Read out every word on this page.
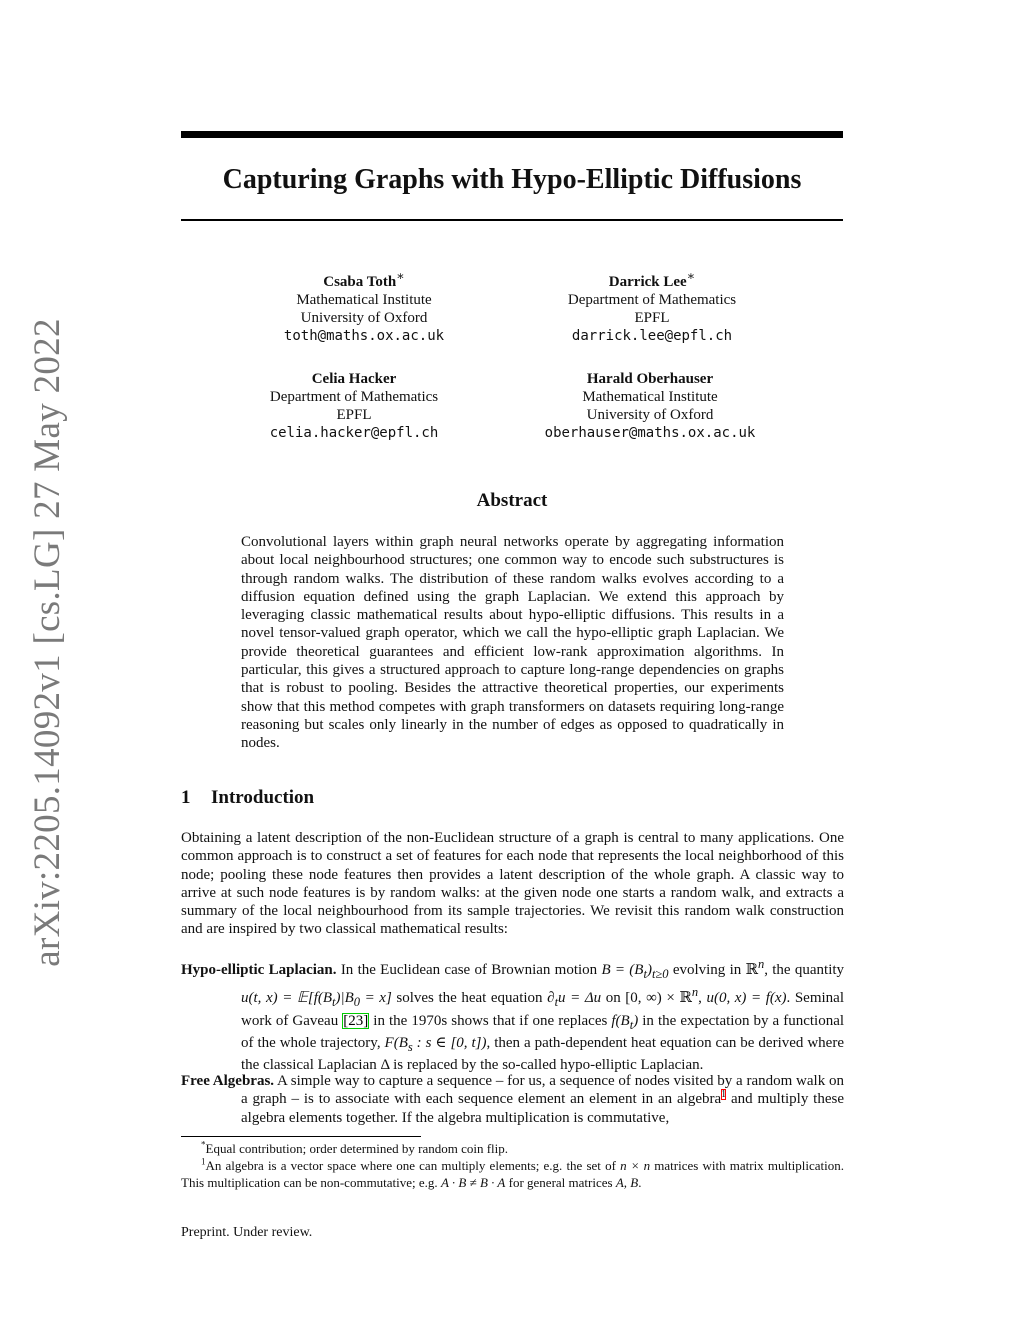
arXiv:2205.14092v1 [cs.LG] 27 May 2022
Capturing Graphs with Hypo-Elliptic Diffusions
Csaba Toth∗
Mathematical Institute
University of Oxford
toth@maths.ox.ac.uk
Darrick Lee∗
Department of Mathematics
EPFL
darrick.lee@epfl.ch
Celia Hacker
Department of Mathematics
EPFL
celia.hacker@epfl.ch
Harald Oberhauser
Mathematical Institute
University of Oxford
oberhauser@maths.ox.ac.uk
Abstract
Convolutional layers within graph neural networks operate by aggregating information about local neighbourhood structures; one common way to encode such substructures is through random walks. The distribution of these random walks evolves according to a diffusion equation defined using the graph Laplacian. We extend this approach by leveraging classic mathematical results about hypo-elliptic diffusions. This results in a novel tensor-valued graph operator, which we call the hypo-elliptic graph Laplacian. We provide theoretical guarantees and efficient low-rank approximation algorithms. In particular, this gives a structured approach to capture long-range dependencies on graphs that is robust to pooling. Besides the attractive theoretical properties, our experiments show that this method competes with graph transformers on datasets requiring long-range reasoning but scales only linearly in the number of edges as opposed to quadratically in nodes.
1 Introduction
Obtaining a latent description of the non-Euclidean structure of a graph is central to many applications. One common approach is to construct a set of features for each node that represents the local neighborhood of this node; pooling these node features then provides a latent description of the whole graph. A classic way to arrive at such node features is by random walks: at the given node one starts a random walk, and extracts a summary of the local neighbourhood from its sample trajectories. We revisit this random walk construction and are inspired by two classical mathematical results:
Hypo-elliptic Laplacian. In the Euclidean case of Brownian motion $B = (B_t)_{t\ge 0}$ evolving in ℝ$^n$, the quantity u(t, $x) = 𝔼[f(B_t)|B_0 = x]$ solves the heat equation $\partial_tu = \Delta u$ on [0, ∞) × ℝ$^n$, u(0, x) = f(x). Seminal work of Gaveau [23] in the 1970s shows that if one replaces $f(B_t)$ in the expectation by a functional of the whole trajectory, $F(B_s$ : s ∈ [0, t]), then a path-dependent heat equation can be derived where the classical Laplacian Δ is replaced by the so-called hypo-elliptic Laplacian.
Free Algebras. A simple way to capture a sequence – for us, a sequence of nodes visited by a random walk on a graph – is to associate with each sequence element an element in an algebra$^1$ and multiply these algebra elements together. If the algebra multiplication is commutative,

*Equal contribution; order determined by random coin flip.

$^1$An algebra is a vector space where one can multiply elements; e.g. the set of n × n matrices with matrix multiplication. This multiplication can be non-commutative; e.g. A · B ≠ B · A for general matrices A, B.

Preprint. Under review.
